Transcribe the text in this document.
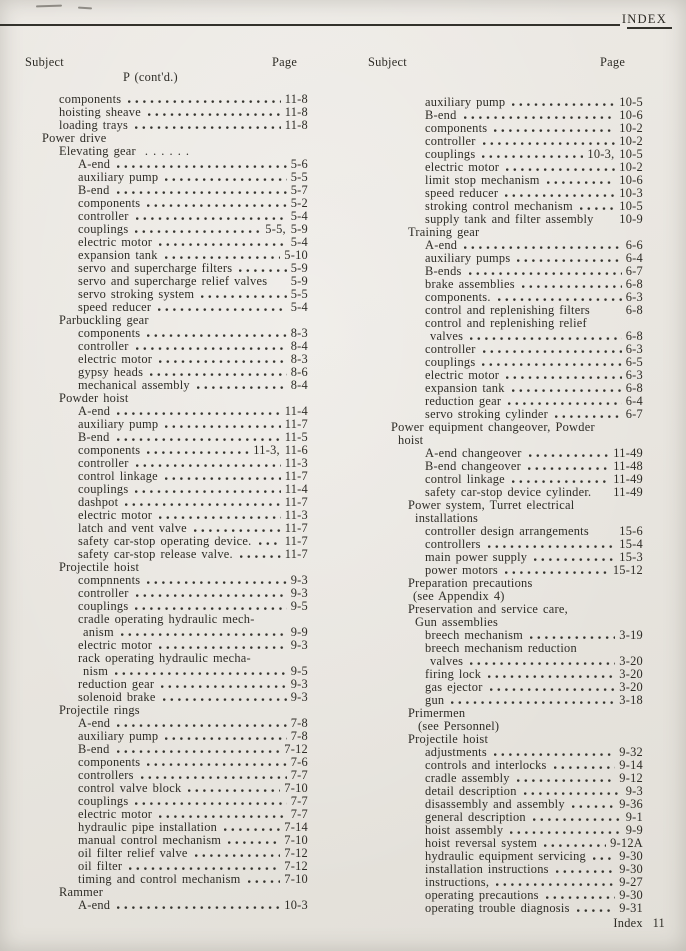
INDEX
Subject	Page
P (cont'd.)
Subject	Page
components	11-8
hoisting sheave	11-8
loading trays	11-8
Power drive
Elevating gear . . . . . .
A-end	5-6
auxiliary pump	5-5
B-end	5-7
components	5-2
controller	5-4
couplings	5-5, 5-9
electric motor	5-4
expansion tank	5-10
servo and supercharge filters	5-9
servo and supercharge relief valves 5-9
servo stroking system	5-5
speed reducer	5-4
Parbuckling gear
components	8-3
controller	8-4
electric motor	8-3
gypsy heads	8-6
mechanical assembly	8-4
Powder hoist
A-end	11-4
auxiliary pump	11-7
B-end	11-5
components	11-3, 11-6
controller	11-3
control linkage	11-7
couplings	11-4
dashpot	11-7
electric motor	11-3
latch and vent valve	11-7
safety car-stop operating device.	11-7
safety car-stop release valve.	11-7
Projectile hoist
compnnents	9-3
controller	9-3
couplings	9-5
cradle operating hydraulic mech-
anism	9-9
electric motor	9-3
rack operating hydraulic mecha-
nism	9-5
reduction gear	9-3
solenoid brake	9-3
Projectile rings
A-end	7-8
auxiliary pump	7-8
B-end	7-12
components	7-6
controllers	7-7
control valve block	7-10
couplings	7-7
electric motor	7-7
hydraulic pipe installation	7-14
manual control mechanism	7-10
oil filter relief valve	7-12
oil filter	7-12
timing and control mechanism	7-10
Rammer
A-end	10-3
auxiliary pump	10-5
B-end	10-6
components	10-2
controller	10-2
couplings	10-3, 10-5
electric motor	10-2
limit stop mechanism	10-6
speed reducer	10-3
stroking control mechanism	10-5
supply tank and filter assembly 10-9
Training gear
A-end	6-6
auxiliary pumps	6-4
B-ends	6-7
brake assemblies	6-8
components.	6-3
control and replenishing filters	6-8
control and replenishing relief
valves	6-8
controller	6-3
couplings	6-5
electric motor	6-3
expansion tank	6-8
reduction gear	6-4
servo stroking cylinder	6-7
Power equipment changeover, Powder
hoist
A-end changeover	11-49
B-end changeover	11-48
control linkage	11-49
safety car-stop device cylinder. 11-49
Power system, Turret electrical
installations
controller design arrangements 15-6
controllers	15-4
main power supply	15-3
power motors	15-12
Preparation precautions
(see Appendix 4)
Preservation and service care,
Gun assemblies
breech mechanism	3-19
breech mechanism reduction
valves	3-20
firing lock	3-20
gas ejector	3-20
gun	3-18
Primermen
(see Personnel)
Projectile hoist
adjustments	9-32
controls and interlocks	9-14
cradle assembly	9-12
detail description	9-3
disassembly and assembly	9-36
general description	9-1
hoist assembly	9-9
hoist reversal system	9-12A
hydraulic equipment servicing	9-30
installation instructions	9-30
instructions,	9-27
operating precautions	9-30
operating trouble diagnosis	9-31
Index  11
